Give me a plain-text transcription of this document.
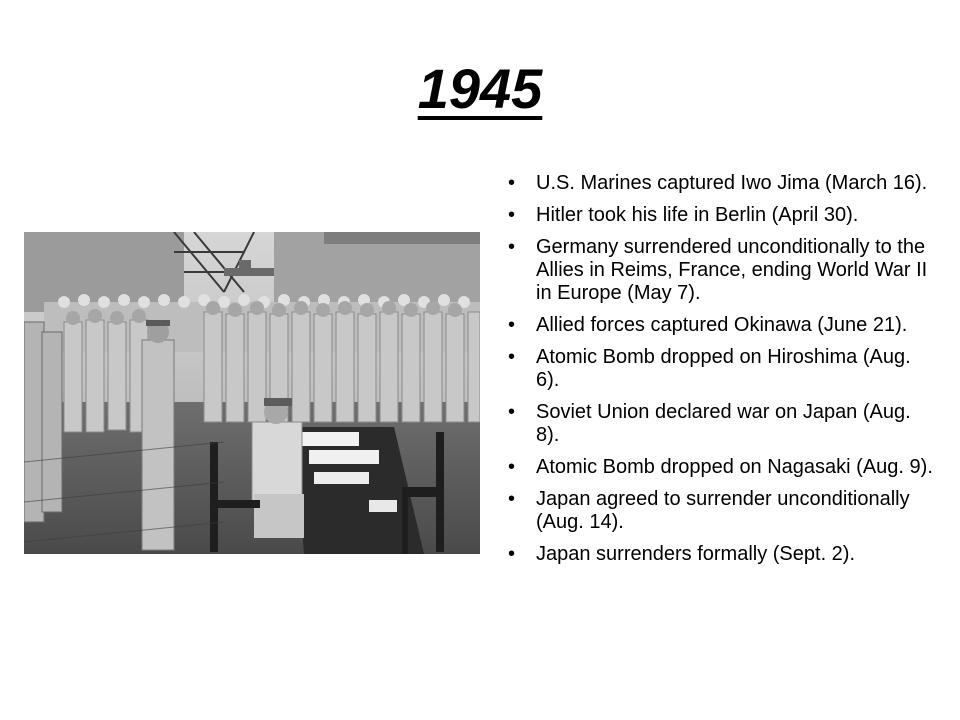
1945
• U.S. Marines captured Iwo Jima (March 16).
• Hitler took his life in Berlin (April 30).
• Germany surrendered unconditionally to the Allies in Reims, France, ending World War II in Europe (May 7).
• Allied forces captured Okinawa (June 21).
• Atomic Bomb dropped on Hiroshima (Aug. 6).
• Soviet Union declared war on Japan (Aug. 8).
• Atomic Bomb dropped on Nagasaki (Aug. 9).
• Japan agreed to surrender unconditionally (Aug. 14).
• Japan surrenders formally (Sept. 2).
